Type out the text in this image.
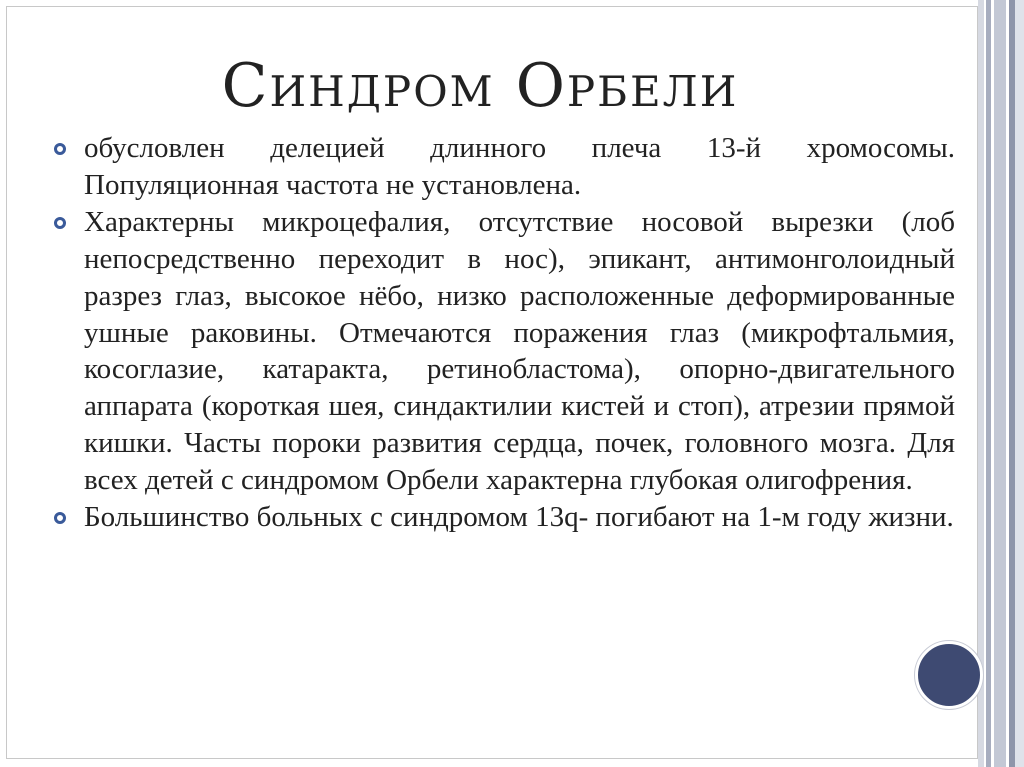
Синдром Орбели

обусловлен делецией длинного плеча 13-й хромосомы. Популяционная частота не установлена.

Характерны микроцефалия, отсутствие носовой вырезки (лоб непосредственно переходит в нос), эпикант, антимонголоидный разрез глаз, высокое нёбо, низко расположенные деформированные ушные раковины. Отмечаются поражения глаз (микрофтальмия, косоглазие, катаракта, ретинобластома), опорно-двигательного аппарата (короткая шея, синдактилии кистей и стоп), атрезии прямой кишки. Часты пороки развития сердца, почек, головного мозга. Для всех детей с синдромом Орбели характерна глубокая олигофрения.

Большинство больных с синдромом 13q- погибают на 1-м году жизни.
